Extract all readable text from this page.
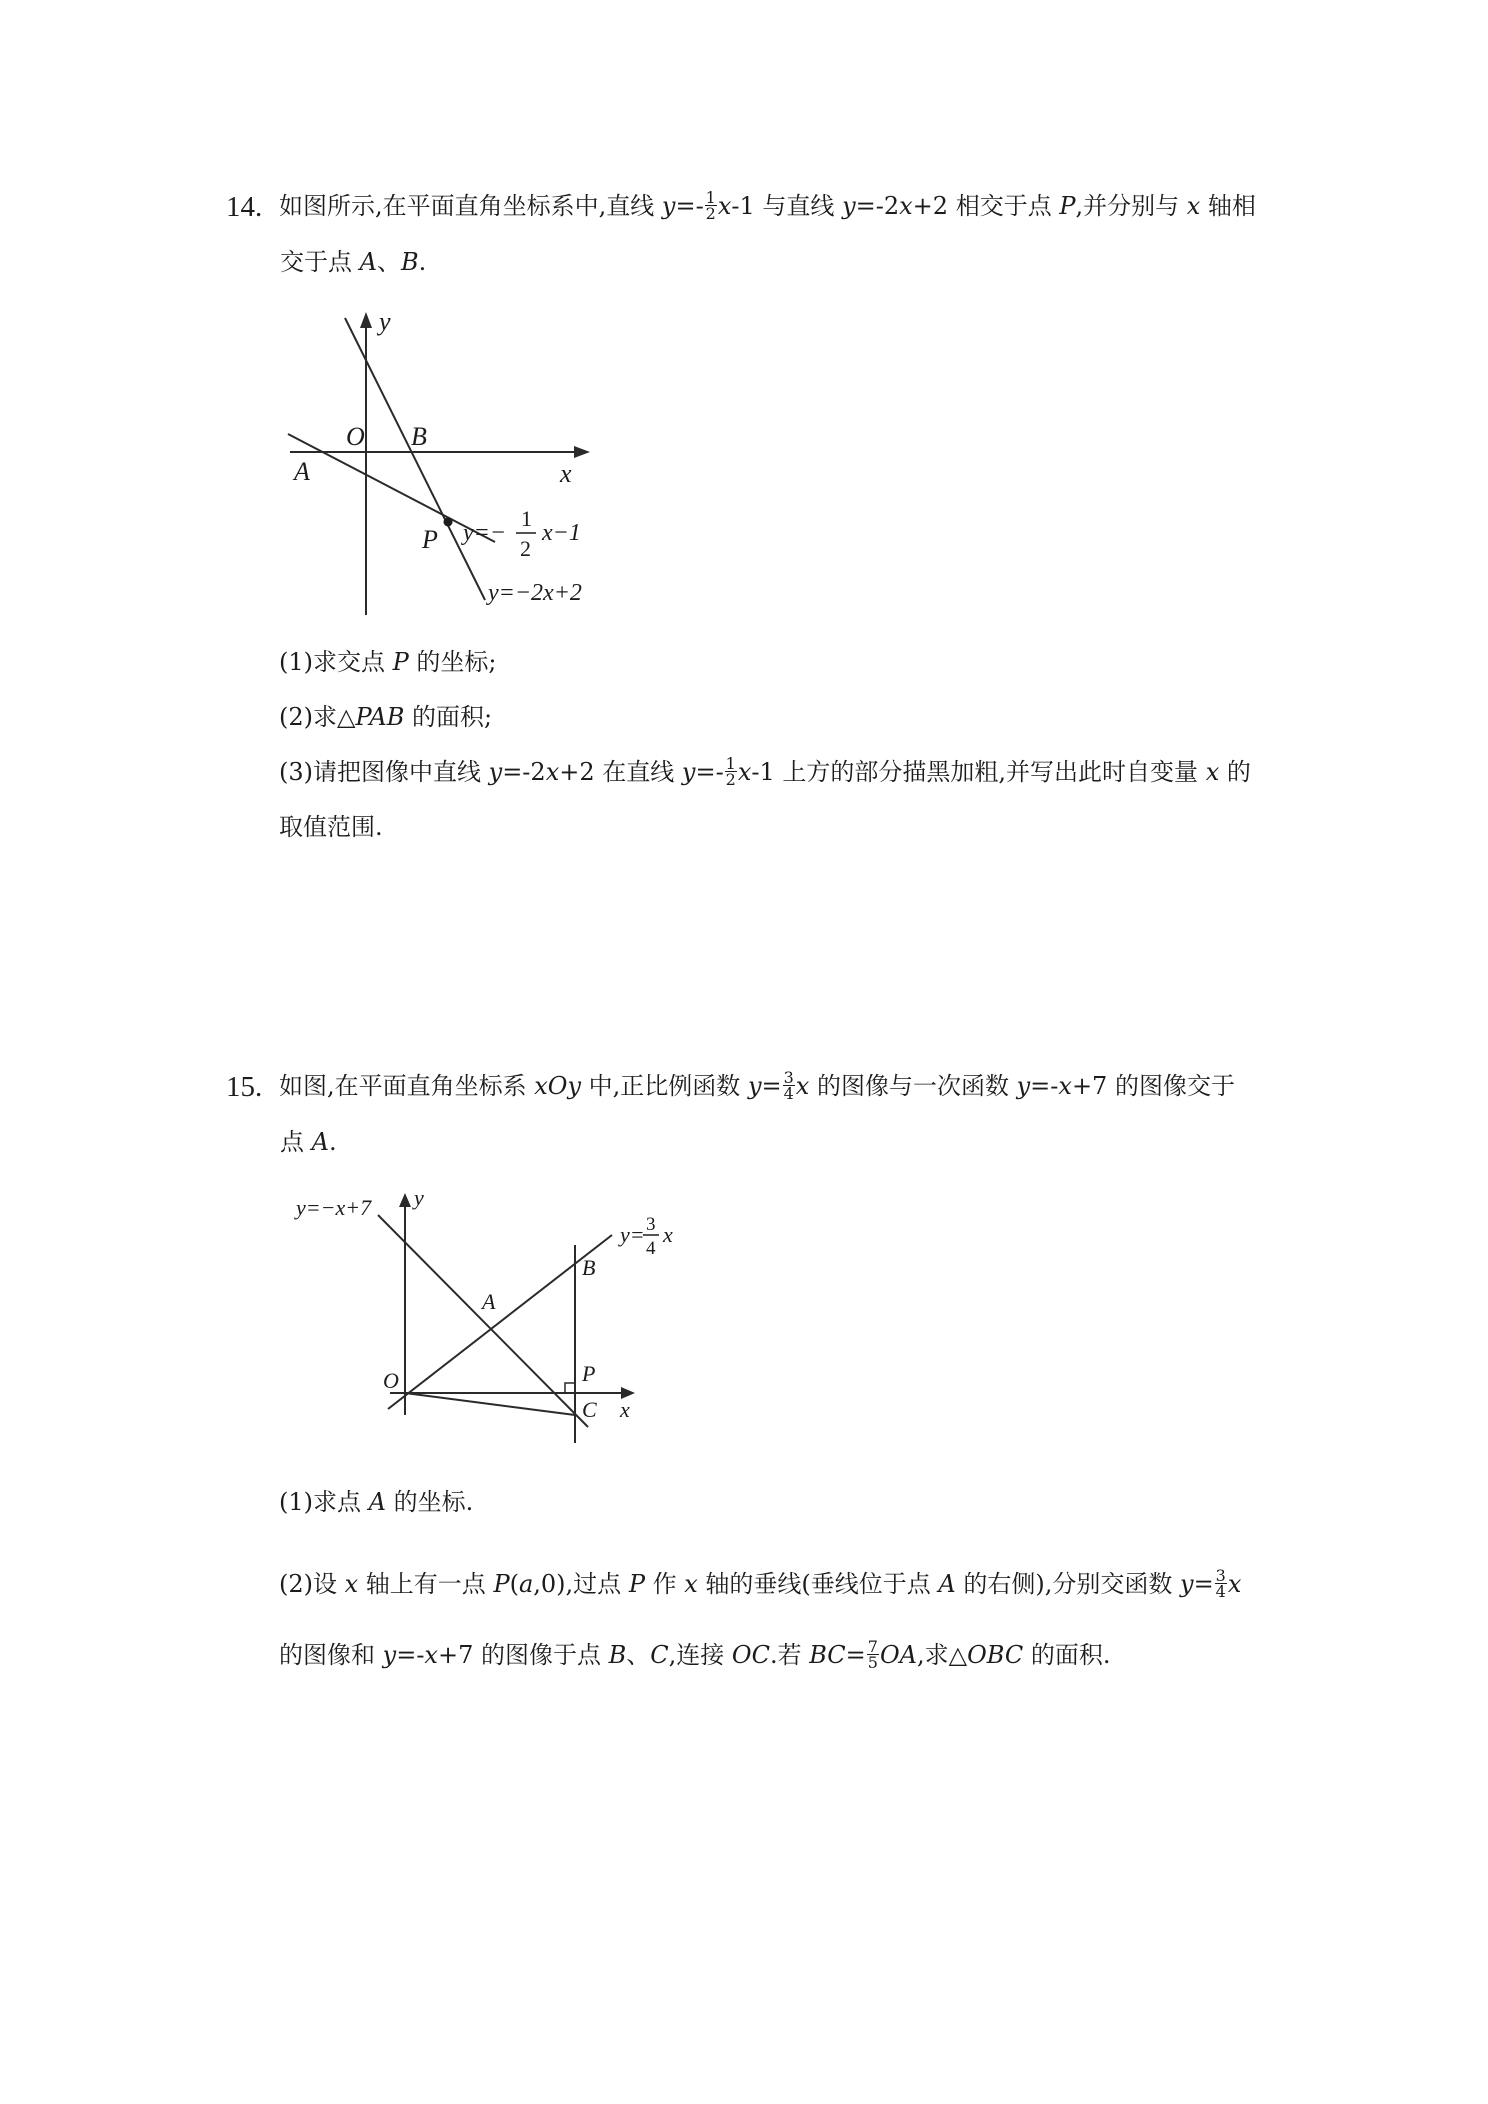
14. 如图所示,在平面直角坐标系中,直线 $y=- \frac{1}{2} x-1$ 与直线 y=-2x+2 相交于点 P,并分别与 x 轴相
交于点 A、B.
y
O B
A	x
P y=−
1
2
x−1
y=−2x+2
(1)求交点 P 的坐标;
(2)求△PAB 的面积;
(3)请把图像中直线 y=-2x+2 在直线 $y=- \frac{1}{2} x-1$ 上方的部分描黑加粗,并写出此时自变量 x 的
取值范围.
15. 如图,在平面直角坐标系 xOy 中,正比例函数 $y= \frac{3}{4}$ x 的图像与一次函数 y=-x+7 的图像交于
点 A.
y=−x+7 y
y= 3
4
x
B
A
O	P
C x
(1)求点 A 的坐标.
(2)设 x 轴上有一点 P(a,0),过点 P 作 x 轴的垂线(垂线位于点 A 的右侧),分别交函数 $y= \frac{3}{4}$ x
的图像和 y=-x+7 的图像于点 B、C,连接 OC.若 $BC= \frac{7}{5}$ OA,求△OBC 的面积.
